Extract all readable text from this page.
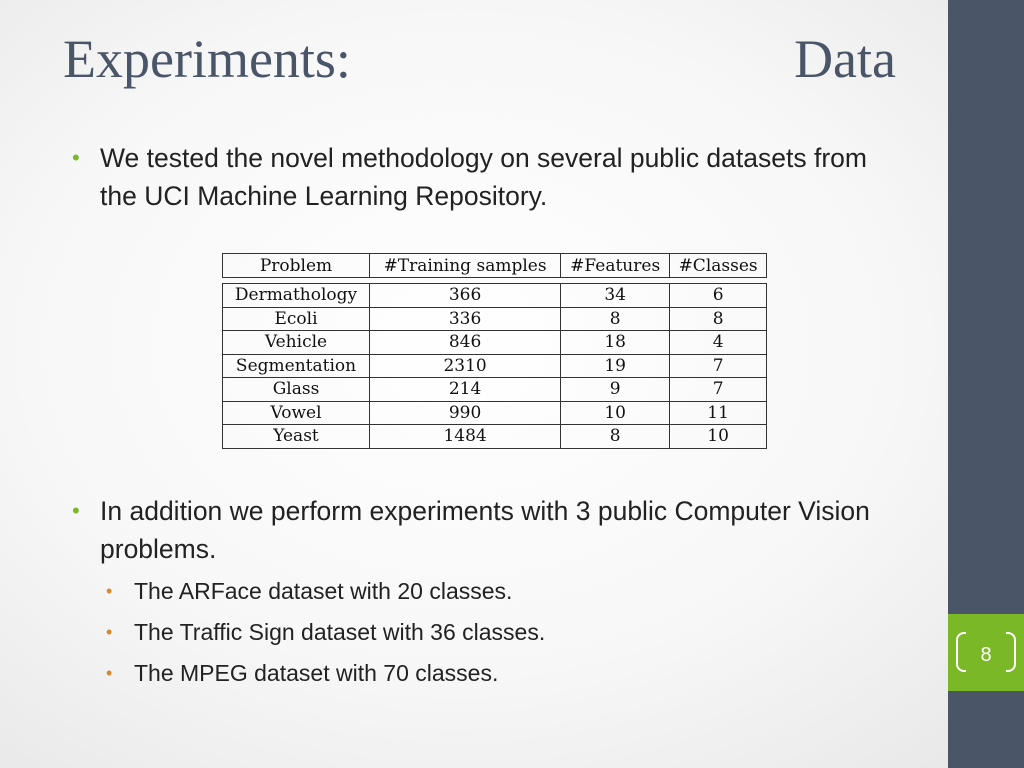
8
Experiments:	Data
• We tested the novel methodology on several public datasets from the UCI Machine Learning Repository.
Problem	#Training samples	#Features	#Classes

Dermathology	366	34	6
Ecoli	336	8	8
Vehicle	846	18	4
Segmentation	2310	19	7
Glass	214	9	7
Vowel	990	10	11
Yeast	1484	8	10
• In addition we perform experiments with 3 public Computer Vision problems.
• The ARFace dataset with 20 classes.
• The Traffic Sign dataset with 36 classes.
• The MPEG dataset with 70 classes.
